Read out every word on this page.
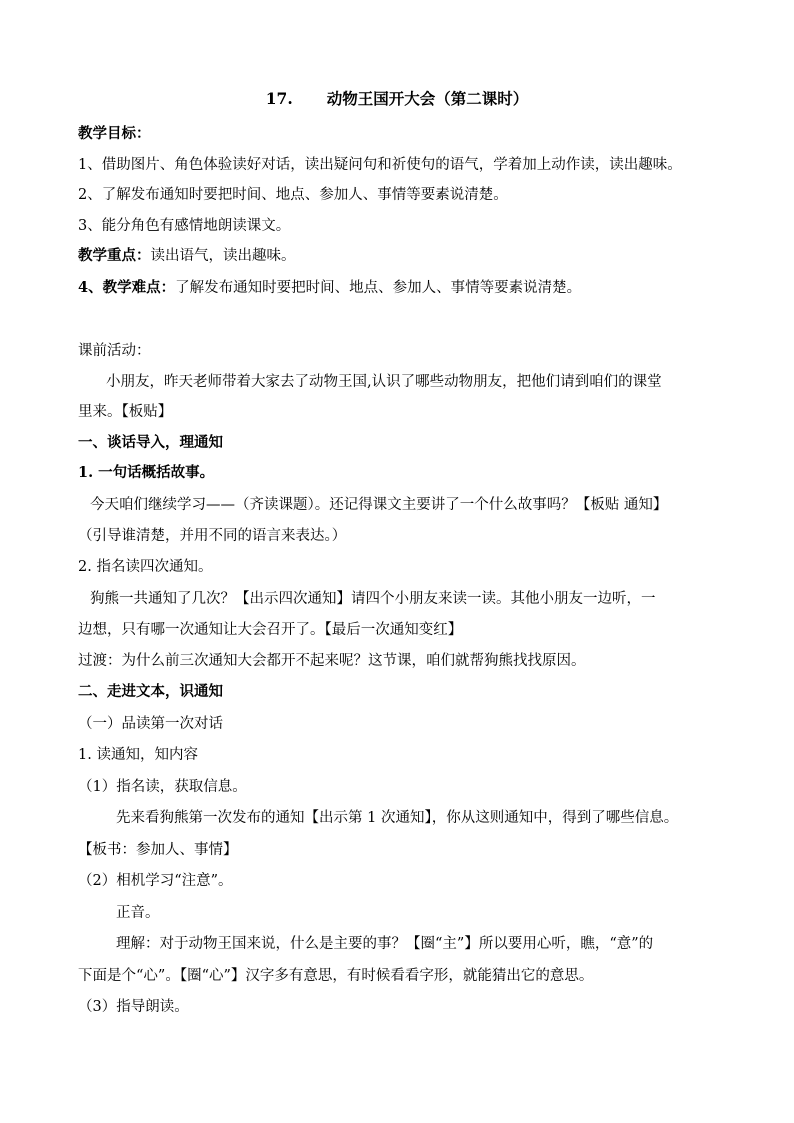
17. 动物王国开大会（第二课时）
教学目标：
1、借助图片、角色体验读好对话，读出疑问句和祈使句的语气，学着加上动作读，读出趣味。
2、了解发布通知时要把时间、地点、参加人、事情等要素说清楚。
3、能分角色有感情地朗读课文。
教学重点：读出语气，读出趣味。
4、教学难点：了解发布通知时要把时间、地点、参加人、事情等要素说清楚。
课前活动：
小朋友，昨天老师带着大家去了动物王国,认识了哪些动物朋友，把他们请到咱们的课堂
里来。【板贴】
一、谈话导入，理通知
1. 一句话概括故事。
今天咱们继续学习——（齐读课题）。还记得课文主要讲了一个什么故事吗？【板贴 通知】
（引导谁清楚，并用不同的语言来表达。）
2. 指名读四次通知。
狗熊一共通知了几次？【出示四次通知】请四个小朋友来读一读。其他小朋友一边听，一
边想，只有哪一次通知让大会召开了。【最后一次通知变红】
过渡：为什么前三次通知大会都开不起来呢？这节课，咱们就帮狗熊找找原因。
二、走进文本，识通知
（一）品读第一次对话
1. 读通知，知内容
（1）指名读，获取信息。
先来看狗熊第一次发布的通知【出示第 1 次通知】，你从这则通知中，得到了哪些信息。
【板书：参加人、事情】
（2）相机学习“注意”。
正音。
理解：对于动物王国来说，什么是主要的事？【圈“主”】所以要用心听，瞧，“意”的
下面是个“心”。【圈“心”】汉字多有意思，有时候看看字形，就能猜出它的意思。
（3）指导朗读。
